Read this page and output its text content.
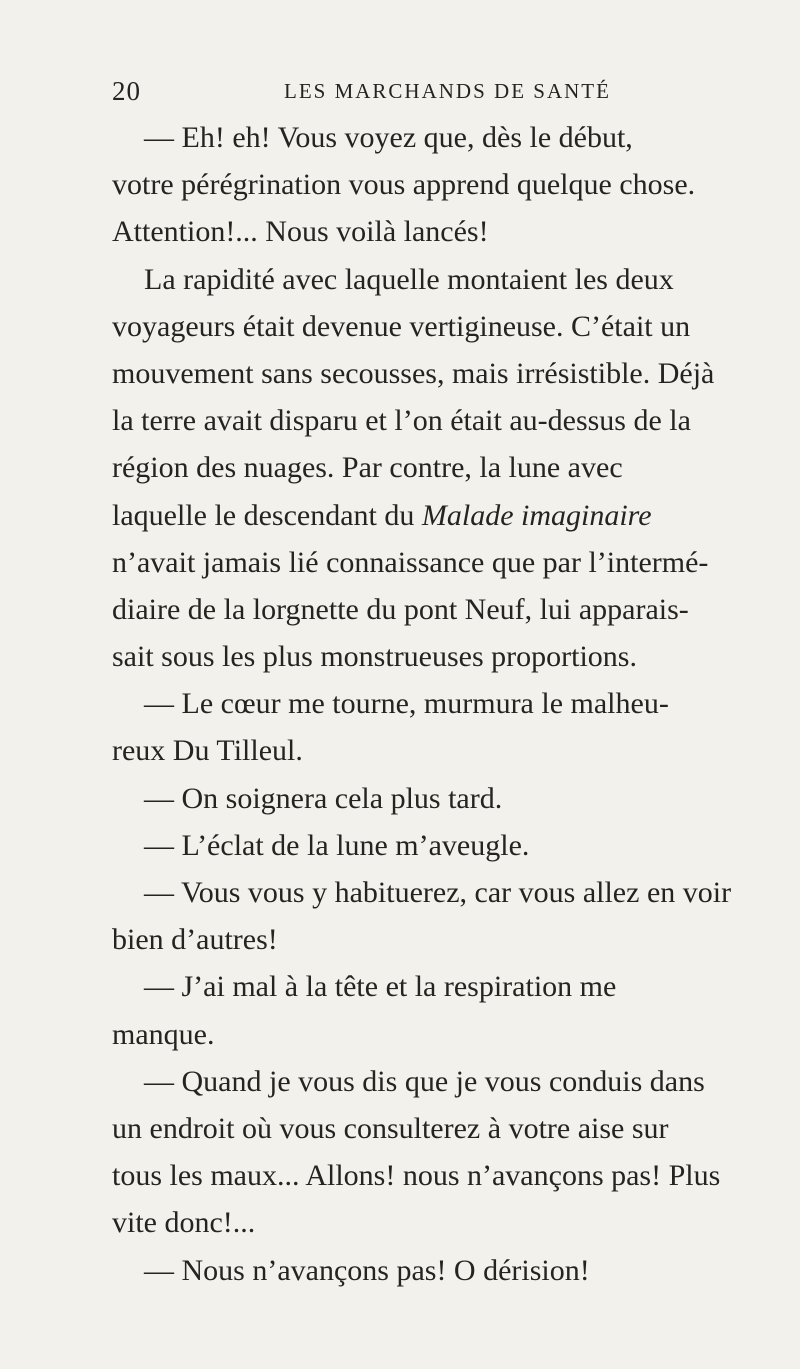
20	LES MARCHANDS DE SANTÉ
— Eh! eh! Vous voyez que, dès le début,
votre pérégrination vous apprend quelque chose.
Attention!... Nous voilà lancés!
La rapidité avec laquelle montaient les deux
voyageurs était devenue vertigineuse. C’était un
mouvement sans secousses, mais irrésistible. Déjà
la terre avait disparu et l’on était au-dessus de la
région des nuages. Par contre, la lune avec
laquelle le descendant du Malade imaginaire
n’avait jamais lié connaissance que par l’intermé-
diaire de la lorgnette du pont Neuf, lui apparais-
sait sous les plus monstrueuses proportions.
— Le cœur me tourne, murmura le malheu-
reux Du Tilleul.
— On soignera cela plus tard.
— L’éclat de la lune m’aveugle.
— Vous vous y habituerez, car vous allez en voir
bien d’autres!
— J’ai mal à la tête et la respiration me
manque.
— Quand je vous dis que je vous conduis dans
un endroit où vous consulterez à votre aise sur
tous les maux... Allons! nous n’avançons pas! Plus
vite donc!...
— Nous n’avançons pas! O dérision!
